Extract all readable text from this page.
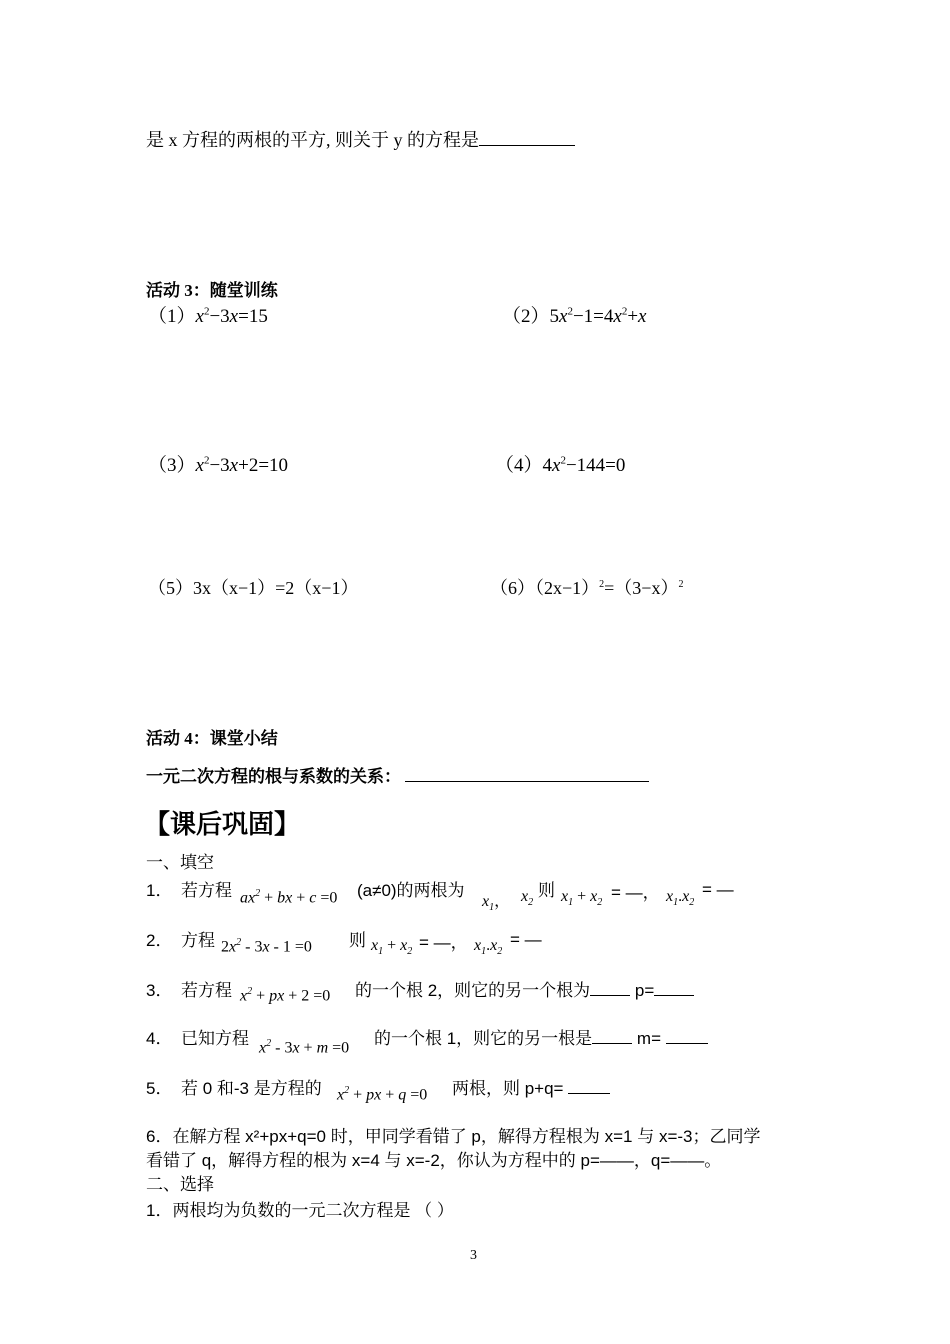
是 x 方程的两根的平方, 则关于 y 的方程是
活动 3：随堂训练
$(1)x^2-3x=15$	$(2)5x^2-1=4x^2+x$
$(3)x^2-3x+2=10$	$(4)4x^2-144=0$
（5）3x（x−1）=2（x−1）	$(6)(2x-1)^2=(3-x)^2$
活动 4：课堂小结
一元二次方程的根与系数的关系：
【课后巩固】
一、填空
1． 若方程 $ax^2$ + bx + c =0 (a≠0)的两根为
$x_1$， $x_2$
则 $x_1 + x_2$
= —， $x_1.x_2$
= —
2． 方程 $2x^2 - 3x - 1 =0$ 则 $x_1 + x_2$ = —， $x_1.x_2$
= —
3． 若方程 $x^2$ + px + 2 =0 的一个根 2，则它的另一个根为	p=
4． 已知方程 $x^2 - 3x + m =0$ 的一个根 1，则它的另一根是	m=
5． 若 0 和-3 是方程的 $x^2$ + px + q =0 两根，则 p+q=
6．在解方程 x²+px+q=0 时，甲同学看错了 p，解得方程根为 x=1 与 x=-3；乙同学
看错了 q，解得方程的根为 x=4 与 x=-2，你认为方程中的 p=——，q=——。
二、选择
1．两根均为负数的一元二次方程是 （ ）
3
